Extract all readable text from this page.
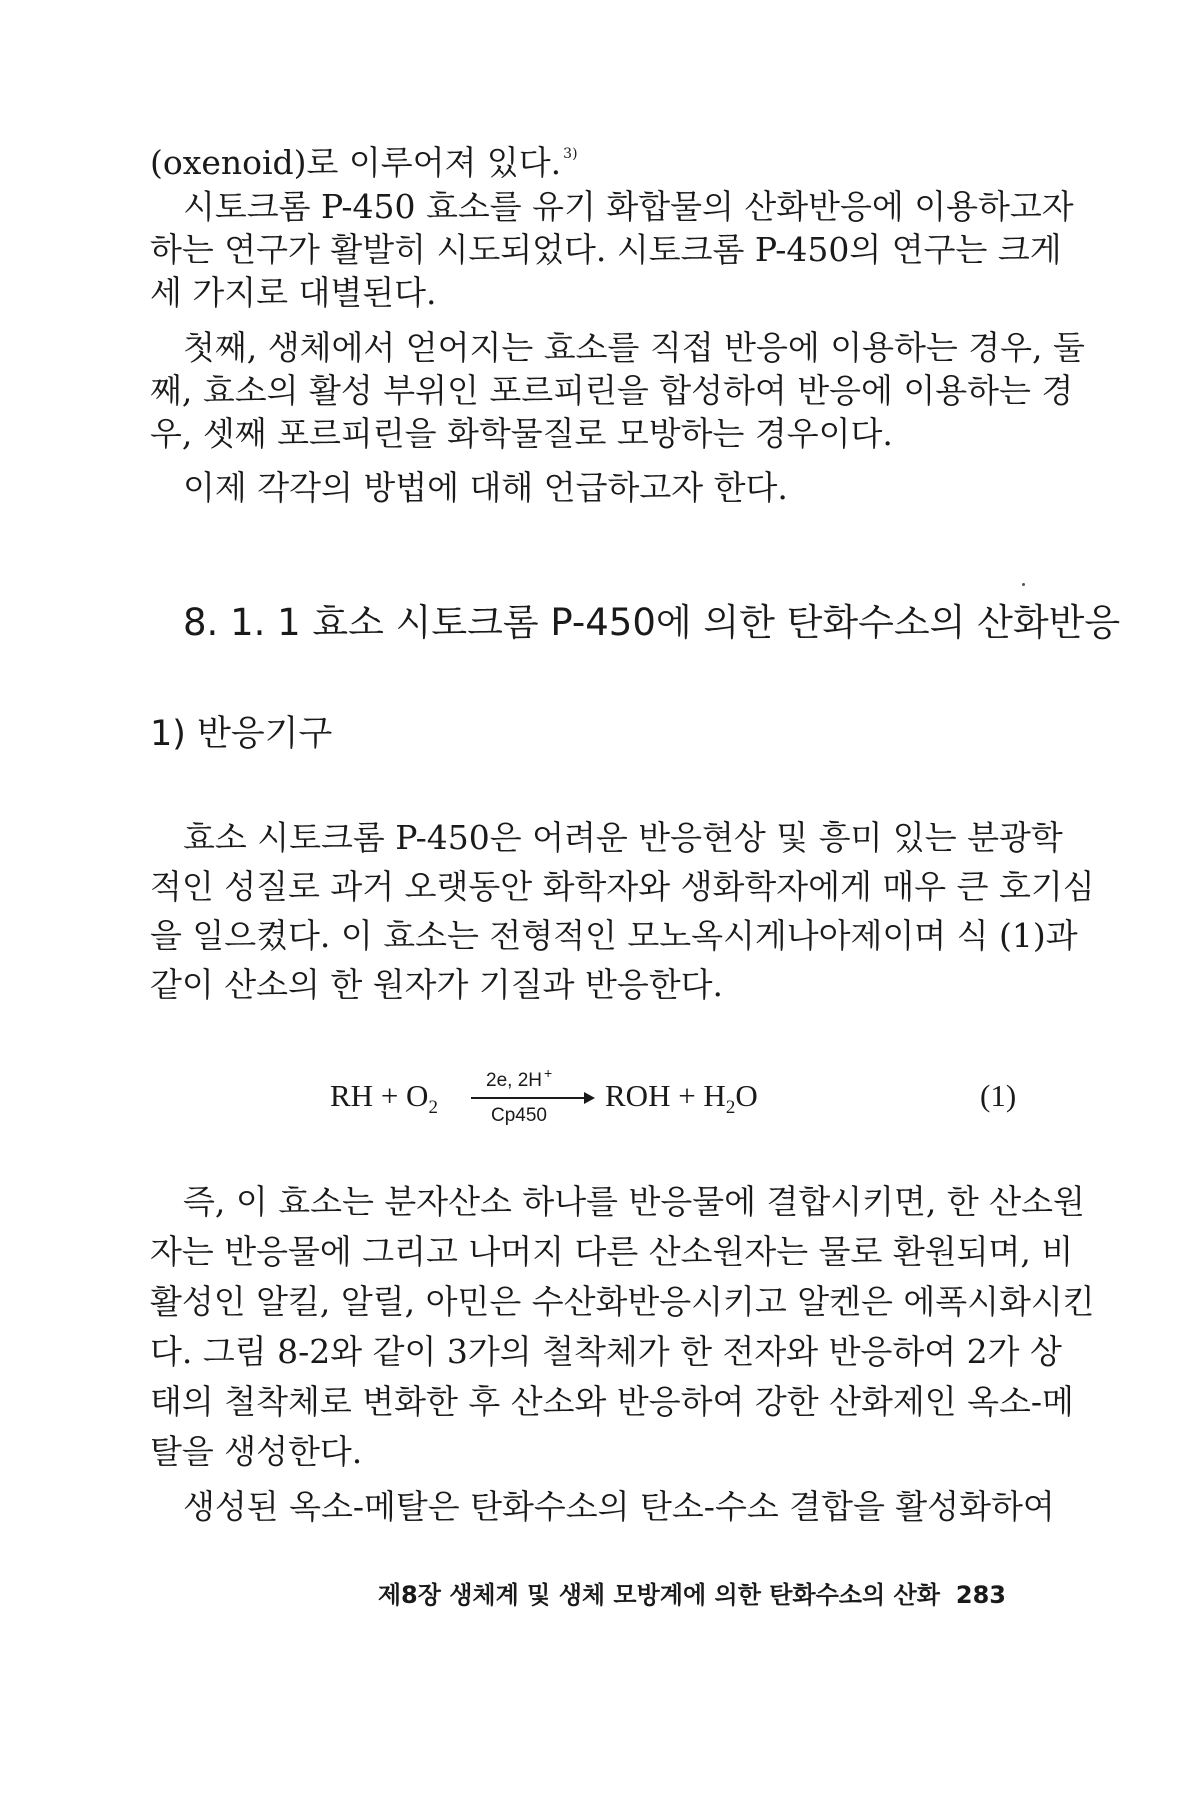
(oxenoid)로 이루어져 있다. $^{3)}$
시토크롬 P-450 효소를 유기 화합물의 산화반응에 이용하고자
하는 연구가 활발히 시도되었다. 시토크롬 P-450의 연구는 크게
세 가지로 대별된다.
첫째, 생체에서 얻어지는 효소를 직접 반응에 이용하는 경우, 둘
째, 효소의 활성 부위인 포르피린을 합성하여 반응에 이용하는 경
우, 셋째 포르피린을 화학물질로 모방하는 경우이다.
이제 각각의 방법에 대해 언급하고자 한다.
8. 1. 1 효소 시토크롬 P-450에 의한 탄화수소의 산화반응
1) 반응기구
효소 시토크롬 P-450은 어려운 반응현상 및 흥미 있는 분광학
적인 성질로 과거 오랫동안 화학자와 생화학자에게 매우 큰 호기심
을 일으켰다. 이 효소는 전형적인 모노옥시게나아제이며 식 (1)과
같이 산소의 한 원자가 기질과 반응한다.
RH + $O_2$
2e, 2H +
Cp450
ROH + $H_2O$	(1)
즉, 이 효소는 분자산소 하나를 반응물에 결합시키면, 한 산소원
자는 반응물에 그리고 나머지 다른 산소원자는 물로 환원되며, 비
활성인 알킬, 알릴, 아민은 수산화반응시키고 알켄은 에폭시화시킨
다. 그림 8-2와 같이 3가의 철착체가 한 전자와 반응하여 2가 상
태의 철착체로 변화한 후 산소와 반응하여 강한 산화제인 옥소-메
탈을 생성한다.
생성된 옥소-메탈은 탄화수소의 탄소-수소 결합을 활성화하여
제8장 생체계 및 생체 모방계에 의한 탄화수소의 산화 283
